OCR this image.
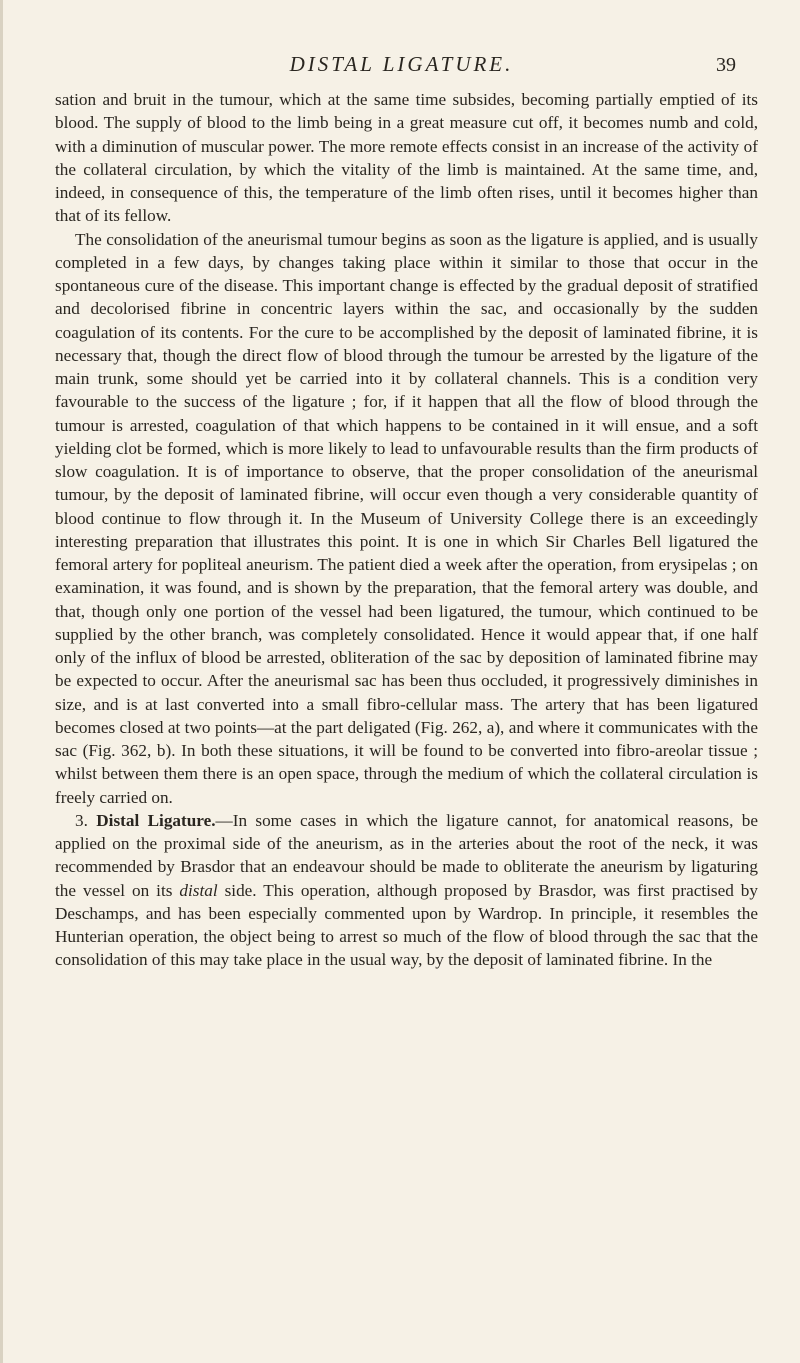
DISTAL LIGATURE.	39

sation and bruit in the tumour, which at the same time subsides, becoming partially emptied of its blood. The supply of blood to the limb being in a great measure cut off, it becomes numb and cold, with a diminution of muscular power. The more remote effects consist in an increase of the activity of the collateral circulation, by which the vitality of the limb is maintained. At the same time, and, indeed, in consequence of this, the temperature of the limb often rises, until it becomes higher than that of its fellow.

The consolidation of the aneurismal tumour begins as soon as the ligature is applied, and is usually completed in a few days, by changes taking place within it similar to those that occur in the spontaneous cure of the disease. This important change is effected by the gradual deposit of stratified and decolorised fibrine in concentric layers within the sac, and occasionally by the sudden coagulation of its contents. For the cure to be accomplished by the deposit of laminated fibrine, it is necessary that, though the direct flow of blood through the tumour be arrested by the ligature of the main trunk, some should yet be carried into it by collateral channels. This is a condition very favourable to the success of the ligature ; for, if it happen that all the flow of blood through the tumour is arrested, coagulation of that which happens to be contained in it will ensue, and a soft yielding clot be formed, which is more likely to lead to unfavourable results than the firm products of slow coagulation. It is of importance to observe, that the proper consolidation of the aneurismal tumour, by the deposit of laminated fibrine, will occur even though a very considerable quantity of blood continue to flow through it. In the Museum of University College there is an exceedingly interesting preparation that illustrates this point. It is one in which Sir Charles Bell ligatured the femoral artery for popliteal aneurism. The patient died a week after the operation, from erysipelas ; on examination, it was found, and is shown by the preparation, that the femoral artery was double, and that, though only one portion of the vessel had been ligatured, the tumour, which continued to be supplied by the other branch, was completely consolidated. Hence it would appear that, if one half only of the influx of blood be arrested, obliteration of the sac by deposition of laminated fibrine may be expected to occur. After the aneurismal sac has been thus occluded, it progressively diminishes in size, and is at last converted into a small fibro-cellular mass. The artery that has been ligatured becomes closed at two points—at the part deligated (Fig. 262, a), and where it communicates with the sac (Fig. 362, b). In both these situations, it will be found to be converted into fibro-areolar tissue ; whilst between them there is an open space, through the medium of which the collateral circulation is freely carried on.

3. Distal Ligature.—In some cases in which the ligature cannot, for anatomical reasons, be applied on the proximal side of the aneurism, as in the arteries about the root of the neck, it was recommended by Brasdor that an endeavour should be made to obliterate the aneurism by ligaturing the vessel on its distal side. This operation, although proposed by Brasdor, was first practised by Deschamps, and has been especially commented upon by Wardrop. In principle, it resembles the Hunterian operation, the object being to arrest so much of the flow of blood through the sac that the consolidation of this may take place in the usual way, by the deposit of laminated fibrine. In the
